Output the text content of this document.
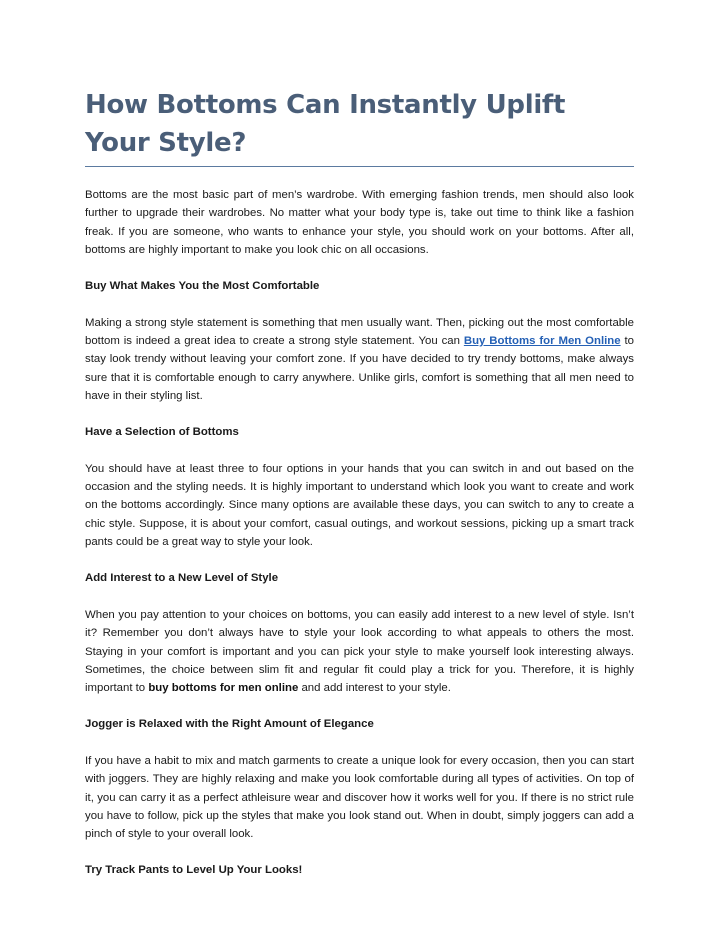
How Bottoms Can Instantly Uplift Your Style?

Bottoms are the most basic part of men’s wardrobe. With emerging fashion trends, men should also look further to upgrade their wardrobes. No matter what your body type is, take out time to think like a fashion freak. If you are someone, who wants to enhance your style, you should work on your bottoms. After all, bottoms are highly important to make you look chic on all occasions.

Buy What Makes You the Most Comfortable

Making a strong style statement is something that men usually want. Then, picking out the most comfortable bottom is indeed a great idea to create a strong style statement. You can Buy Bottoms for Men Online to stay look trendy without leaving your comfort zone. If you have decided to try trendy bottoms, make always sure that it is comfortable enough to carry anywhere. Unlike girls, comfort is something that all men need to have in their styling list.

Have a Selection of Bottoms

You should have at least three to four options in your hands that you can switch in and out based on the occasion and the styling needs. It is highly important to understand which look you want to create and work on the bottoms accordingly. Since many options are available these days, you can switch to any to create a chic style. Suppose, it is about your comfort, casual outings, and workout sessions, picking up a smart track pants could be a great way to style your look.

Add Interest to a New Level of Style

When you pay attention to your choices on bottoms, you can easily add interest to a new level of style. Isn’t it? Remember you don’t always have to style your look according to what appeals to others the most. Staying in your comfort is important and you can pick your style to make yourself look interesting always. Sometimes, the choice between slim fit and regular fit could play a trick for you. Therefore, it is highly important to buy bottoms for men online and add interest to your style.

Jogger is Relaxed with the Right Amount of Elegance

If you have a habit to mix and match garments to create a unique look for every occasion, then you can start with joggers. They are highly relaxing and make you look comfortable during all types of activities. On top of it, you can carry it as a perfect athleisure wear and discover how it works well for you. If there is no strict rule you have to follow, pick up the styles that make you look stand out. When in doubt, simply joggers can add a pinch of style to your overall look.

Try Track Pants to Level Up Your Looks!
